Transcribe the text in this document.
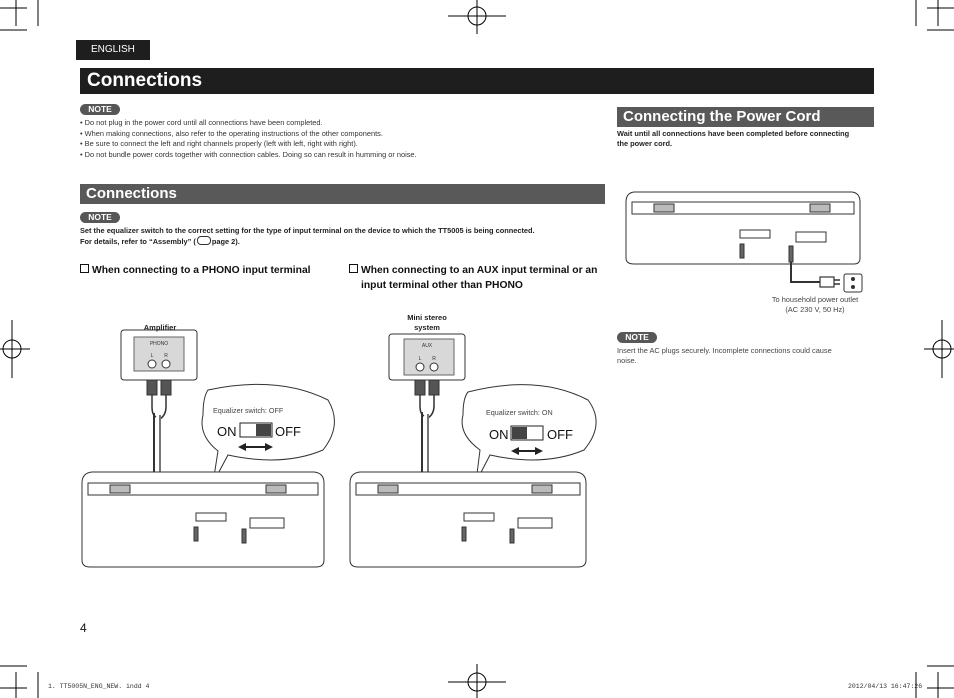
ENGLISH
Connections
NOTE
• Do not plug in the power cord until all connections have been completed.
• When making connections, also refer to the operating instructions of the other components.
• Be sure to connect the left and right channels properly (left with left, right with right).
• Do not bundle power cords together with connection cables. Doing so can result in humming or noise.
Connections
NOTE
Set the equalizer switch to the correct setting for the type of input terminal on the device to which the TT5005 is being connected.
For details, refer to “Assembly” ( page 2).
When connecting to a PHONO input terminal	When connecting to an AUX input terminal or an
input terminal other than PHONO
Amplifier
PHONO
L R
Equalizer switch: OFF
ON	OFF
Mini stereo
system
AUX
L R
Equalizer switch: ON
ON	OFF
Connecting the Power Cord
Wait until all connections have been completed before connecting
the power cord.
To household power outlet
(AC 230 V, 50 Hz)
NOTE
Insert the AC plugs securely. Incomplete connections could cause
noise.
4
1. TT5005N_ENG_NEW. indd 4	2012/04/13 16:47:26
